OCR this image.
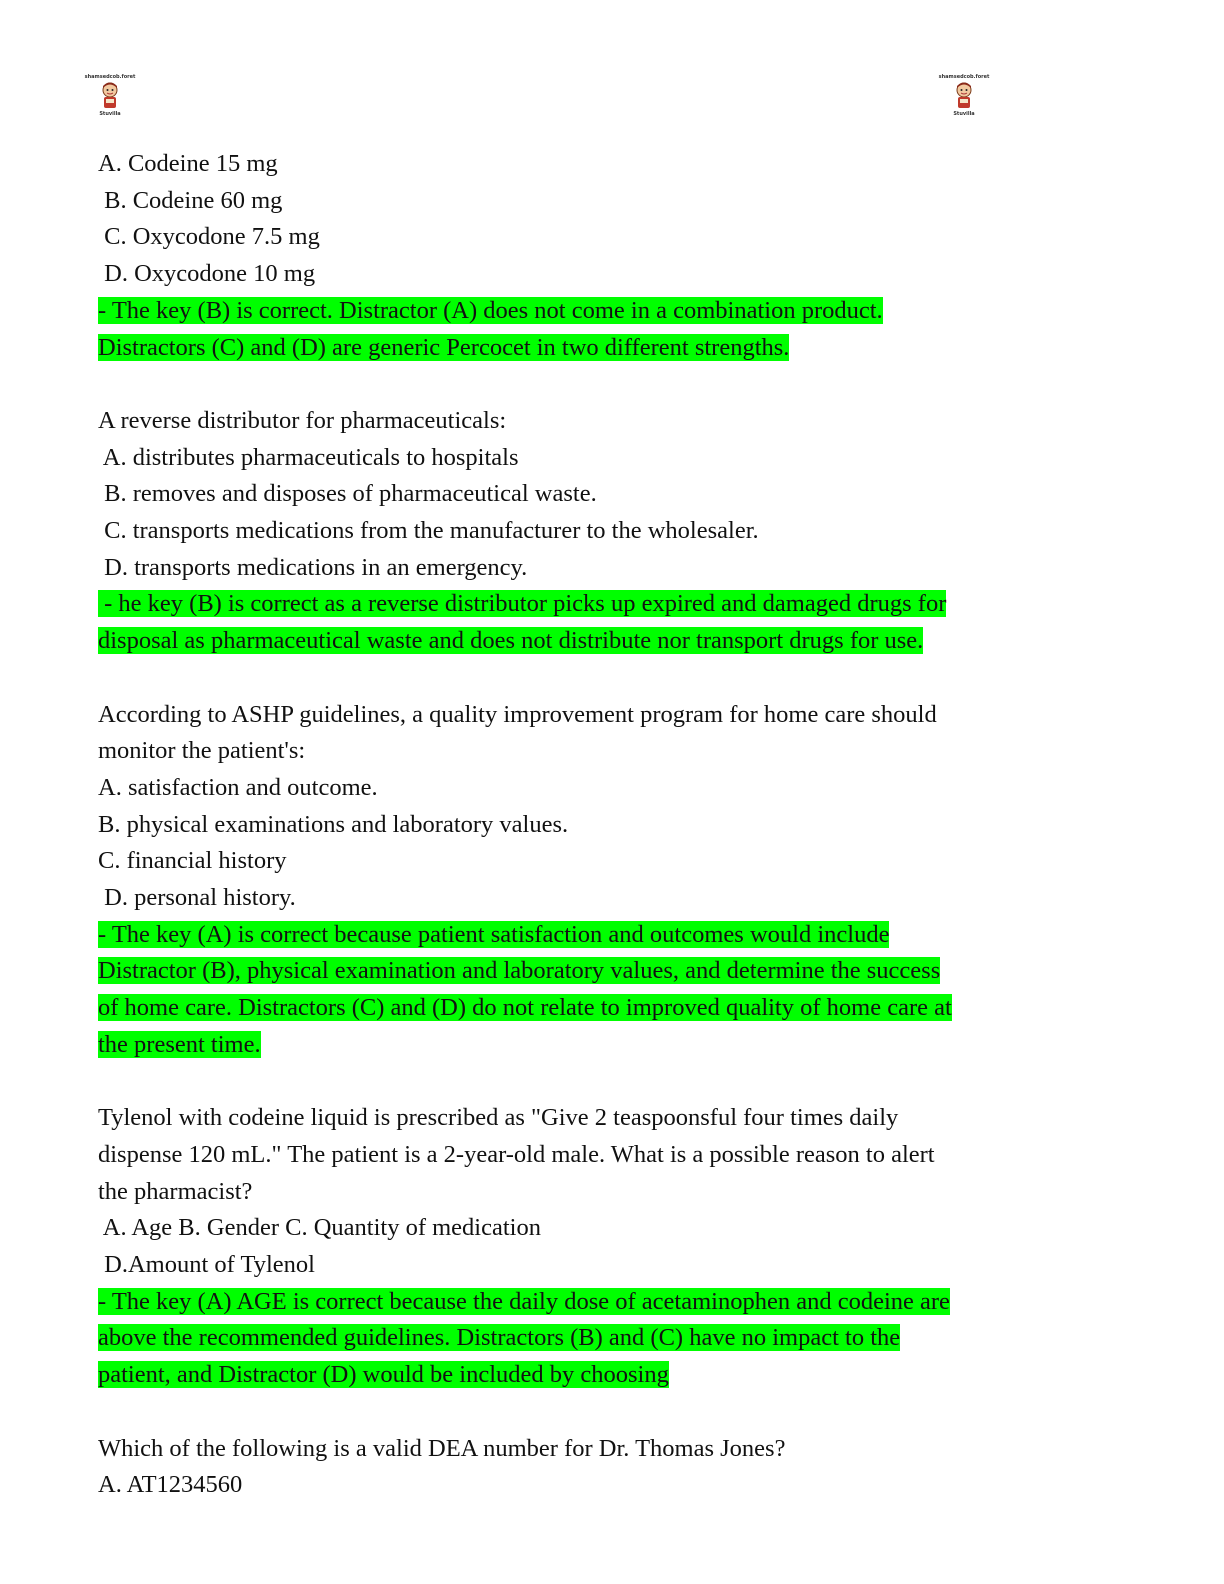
shamsedcob.foret
Stuvilla
shamsedcob.foret
Stuvilla
A. Codeine 15 mg
B. Codeine 60 mg
C. Oxycodone 7.5 mg
D. Oxycodone 10 mg
- The key (B) is correct. Distractor (A) does not come in a combination product.
Distractors (C) and (D) are generic Percocet in two different strengths.
A reverse distributor for pharmaceuticals:
A. distributes pharmaceuticals to hospitals
B. removes and disposes of pharmaceutical waste.
C. transports medications from the manufacturer to the wholesaler.
D. transports medications in an emergency.
- he key (B) is correct as a reverse distributor picks up expired and damaged drugs for
disposal as pharmaceutical waste and does not distribute nor transport drugs for use.
According to ASHP guidelines, a quality improvement program for home care should
monitor the patient's:
A. satisfaction and outcome.
B. physical examinations and laboratory values.
C. financial history
D. personal history.
- The key (A) is correct because patient satisfaction and outcomes would include
Distractor (B), physical examination and laboratory values, and determine the success
of home care. Distractors (C) and (D) do not relate to improved quality of home care at
the present time.
Tylenol with codeine liquid is prescribed as "Give 2 teaspoonsful four times daily
dispense 120 mL." The patient is a 2-year-old male. What is a possible reason to alert
the pharmacist?
A. Age B. Gender C. Quantity of medication
D.Amount of Tylenol
- The key (A) AGE is correct because the daily dose of acetaminophen and codeine are
above the recommended guidelines. Distractors (B) and (C) have no impact to the
patient, and Distractor (D) would be included by choosing
Which of the following is a valid DEA number for Dr. Thomas Jones?
A. AT1234560
